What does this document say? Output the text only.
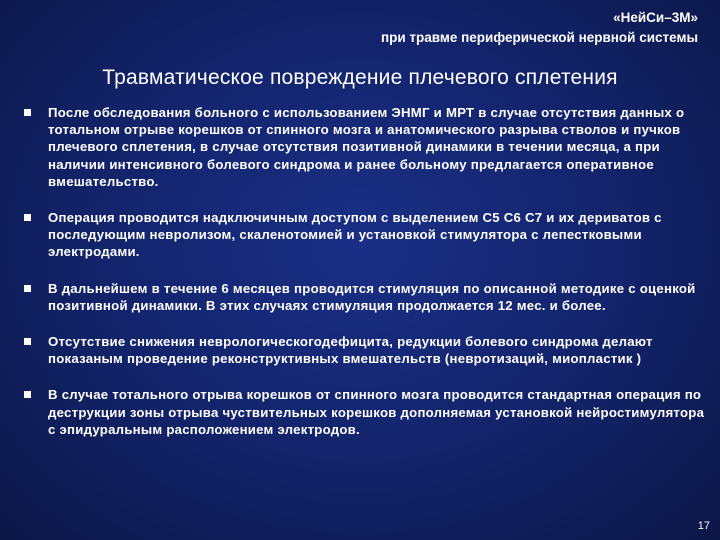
«НейСи–3М»
при травме периферической нервной системы
Травматическое повреждение плечевого сплетения
После обследования больного с использованием ЭНМГ и МРТ в случае отсутствия данных о тотальном отрыве корешков от спинного мозга и анатомического разрыва стволов и пучков плечевого сплетения, в случае отсутствия позитивной динамики в течении месяца, а при наличии интенсивного болевого синдрома и ранее больному предлагается оперативное вмешательство.
Операция проводится надключичным доступом с выделением С5 С6 С7 и их дериватов с последующим невролизом, скаленотомией и установкой стимулятора с лепестковыми электродами.
В дальнейшем в течение 6 месяцев проводится стимуляция по описанной методике с оценкой позитивной динамики. В этих случаях стимуляция продолжается 12 мес. и более.
Отсутствие снижения неврологическогодефицита, редукции болевого синдрома делают показаным проведение реконструктивных вмешательств (невротизаций, миопластик )
В случае тотального отрыва корешков от спинного мозга проводится стандартная операция по деструкции зоны отрыва чуствительных корешков дополняемая установкой нейростимулятора с эпидуральным расположением электродов.
17
